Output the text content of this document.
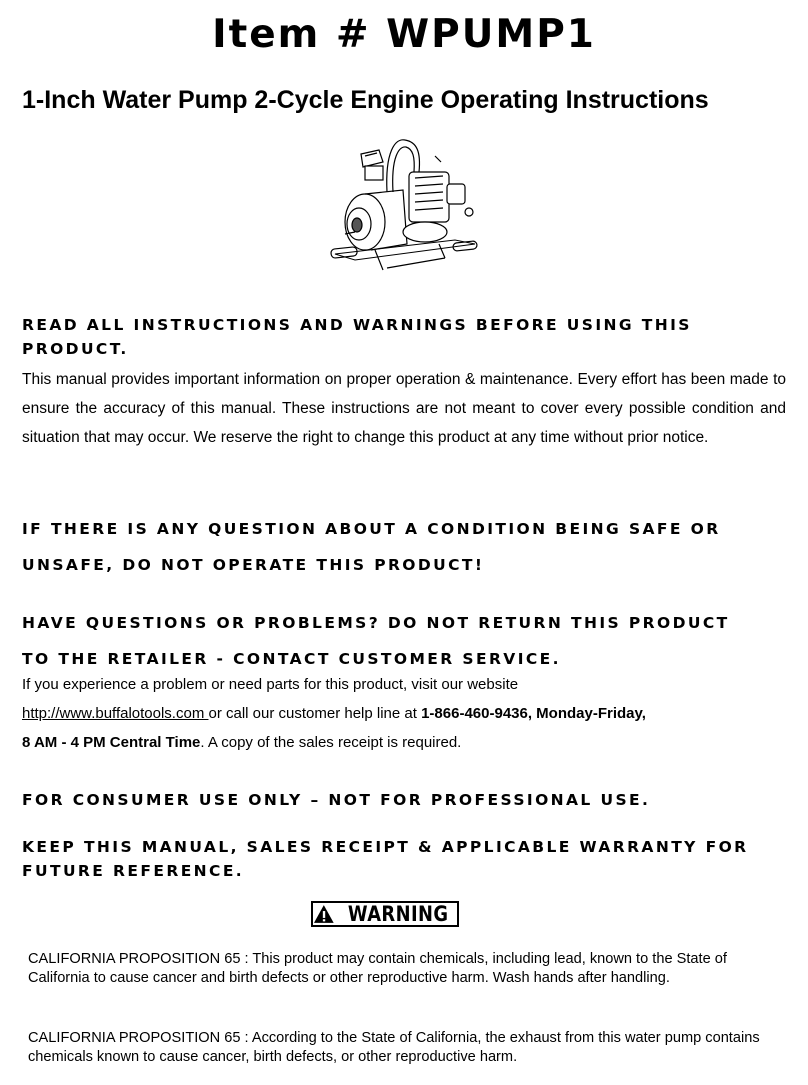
Item # WPUMP1
1-Inch Water Pump 2-Cycle Engine Operating Instructions
READ ALL INSTRUCTIONS AND WARNINGS BEFORE USING THIS
PRODUCT.

This manual provides important information on proper operation & maintenance. Every effort has been made to ensure the accuracy of this manual. These instructions are not meant to cover every possible condition and situation that may occur. We reserve the right to change this product at any time without prior notice.

IF THERE IS ANY QUESTION ABOUT A CONDITION BEING SAFE OR
UNSAFE, DO NOT OPERATE THIS PRODUCT!
HAVE QUESTIONS OR PROBLEMS? DO NOT RETURN THIS PRODUCT
TO THE RETAILER - CONTACT CUSTOMER SERVICE.
If you experience a problem or need parts for this product, visit our website
http://www.buffalotools.com or call our customer help line at 1-866-460-9436, Monday-Friday,
8 AM - 4 PM Central Time. A copy of the sales receipt is required.
FOR CONSUMER USE ONLY – NOT FOR PROFESSIONAL USE.
KEEP THIS MANUAL, SALES RECEIPT & APPLICABLE WARRANTY FOR
FUTURE REFERENCE.
WARNING

CALIFORNIA PROPOSITION 65 : This product may contain chemicals, including lead, known to the State of California to cause cancer and birth defects or other reproductive harm. Wash hands after handling.

CALIFORNIA PROPOSITION 65 : According to the State of California, the exhaust from this water pump contains chemicals known to cause cancer, birth defects, or other reproductive harm.
